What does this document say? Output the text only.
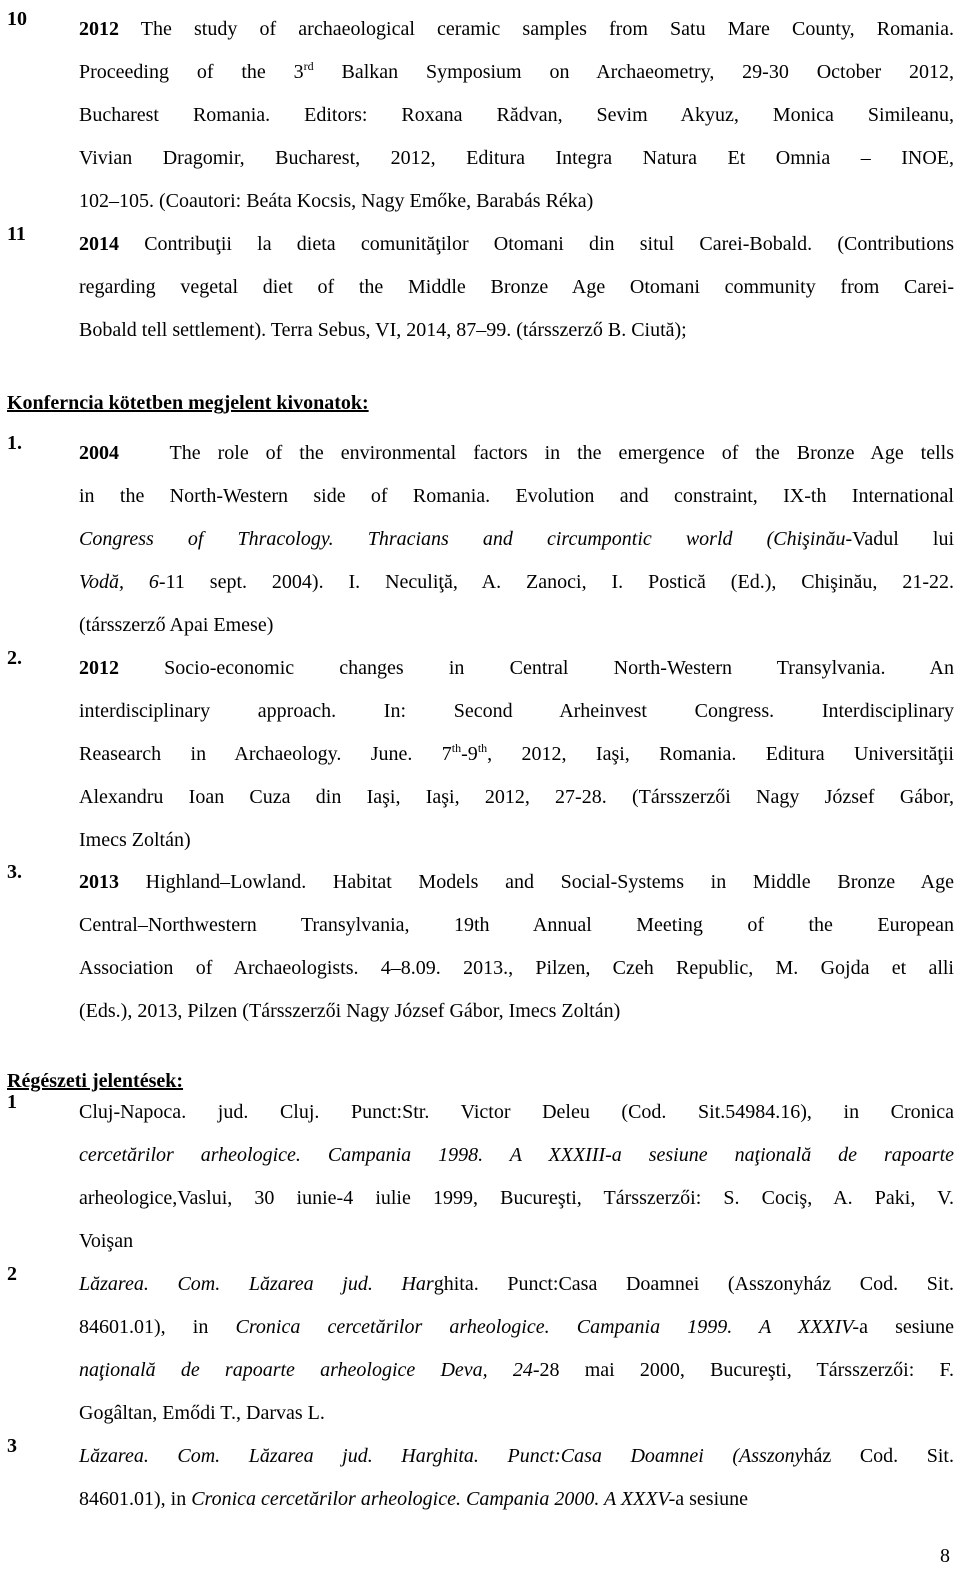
10	2012 The study of archaeological ceramic samples from Satu Mare County, Romania.
Proceeding of the 3rd Balkan Symposium on Archaeometry, 29-30 October 2012,
Bucharest Romania. Editors: Roxana Rădvan, Sevim Akyuz, Monica Simileanu,
Vivian Dragomir, Bucharest, 2012, Editura Integra Natura Et Omnia – INOE,
102–105. (Coautori: Beáta Kocsis, Nagy Emőke, Barabás Réka)
11	2014 Contribuţii la dieta comunităţilor Otomani din situl Carei-Bobald. (Contributions
regarding vegetal diet of the Middle Bronze Age Otomani community from Carei-
Bobald tell settlement). Terra Sebus, VI, 2014, 87–99. (társszerző B. Ciută);
Konferncia kötetben megjelent kivonatok:
1.	2004   The role of the environmental factors in the emergence of the Bronze Age tells
in the North-Western side of Romania. Evolution and constraint, IX-th International
Congress of Thracology. Thracians and circumpontic world (Chişinău-Vadul lui
Vodă, 6-11 sept. 2004). I. Neculiţă, A. Zanoci, I. Postică (Ed.), Chişinău, 21-22.
(társszerző Apai Emese)
2.	2012 Socio-economic changes in Central North-Western Transylvania. An
interdisciplinary approach. In: Second Arheinvest Congress. Interdisciplinary
Reasearch in Archaeology. June. 7th-9th, 2012, Iaşi, Romania. Editura Universităţii
Alexandru Ioan Cuza din Iaşi, Iaşi, 2012, 27-28. (Társszerzői Nagy József Gábor,
Imecs Zoltán)
3.	2013 Highland–Lowland. Habitat Models and Social-Systems in Middle Bronze Age
Central–Northwestern Transylvania, 19th Annual Meeting of the European
Association of Archaeologists. 4–8.09. 2013., Pilzen, Czeh Republic, M. Gojda et alli
(Eds.), 2013, Pilzen (Társszerzői Nagy József Gábor, Imecs Zoltán)
Régészeti jelentések:
1	Cluj-Napoca. jud. Cluj. Punct:Str. Victor Deleu (Cod. Sit.54984.16), in Cronica
cercetărilor arheologice. Campania 1998. A XXXIII-a sesiune naţională de rapoarte
arheologice,Vaslui, 30 iunie-4 iulie 1999, Bucureşti, Társszerzői: S. Cociş, A. Paki, V.
Voişan
2	Lăzarea. Com. Lăzarea jud. Harghita. Punct:Casa Doamnei (Asszonyház Cod. Sit.
84601.01), in Cronica cercetărilor arheologice. Campania 1999. A XXXIV-a sesiune
naţională de rapoarte arheologice Deva, 24-28 mai 2000, Bucureşti, Társszerzői: F.
Gogâltan, Emődi T., Darvas L.
3	Lăzarea. Com. Lăzarea jud. Harghita. Punct:Casa Doamnei (Asszonyház Cod. Sit.
84601.01), in Cronica cercetărilor arheologice. Campania 2000. A XXXV-a sesiune
8
